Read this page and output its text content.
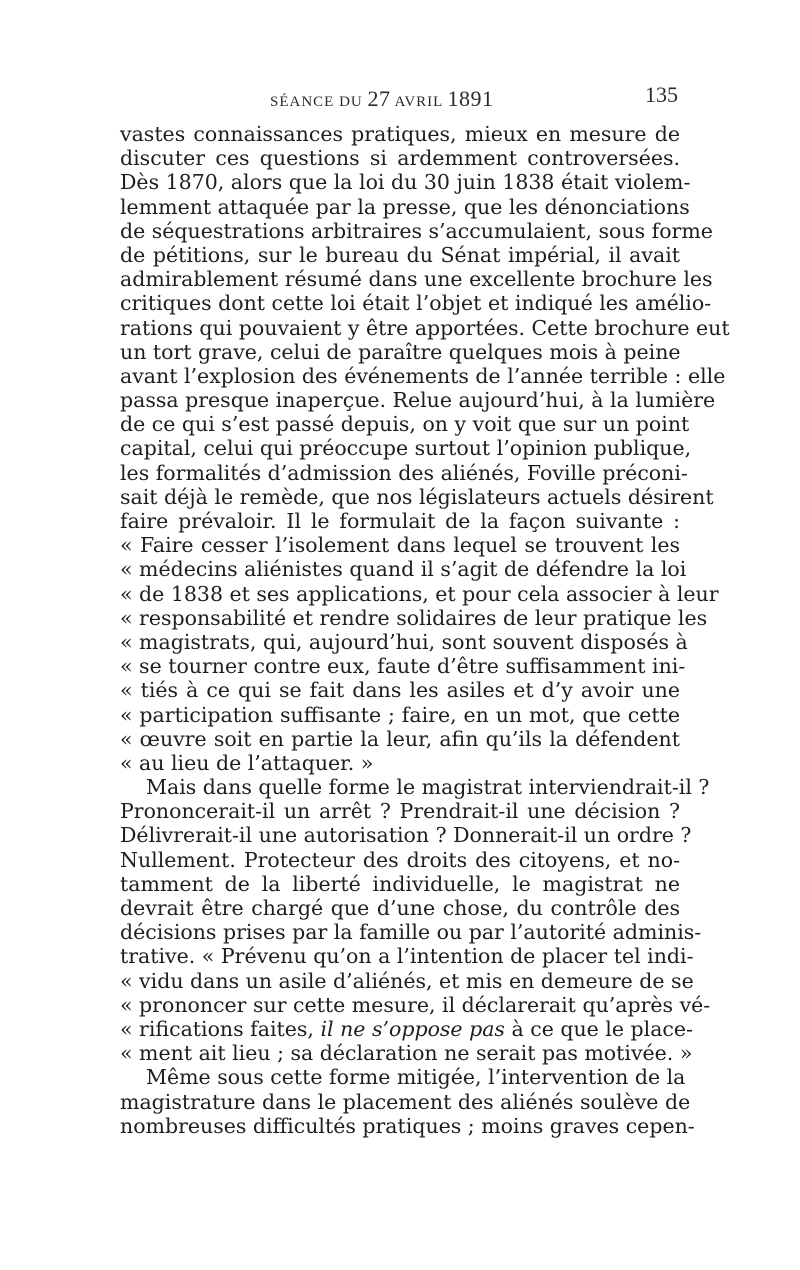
SÉANCE DU 27 AVRIL 1891	135
vastes connaissances pratiques, mieux en mesure de
discuter ces questions si ardemment controversées.
Dès 1870, alors que la loi du 30 juin 1838 était violem-
lemment attaquée par la presse, que les dénonciations
de séquestrations arbitraires s’accumulaient, sous forme
de pétitions, sur le bureau du Sénat impérial, il avait
admirablement résumé dans une excellente brochure les
critiques dont cette loi était l’objet et indiqué les amélio-
rations qui pouvaient y être apportées. Cette brochure eut
un tort grave, celui de paraître quelques mois à peine
avant l’explosion des événements de l’année terrible : elle
passa presque inaperçue. Relue aujourd’hui, à la lumière
de ce qui s’est passé depuis, on y voit que sur un point
capital, celui qui préoccupe surtout l’opinion publique,
les formalités d’admission des aliénés, Foville préconi-
sait déjà le remède, que nos législateurs actuels désirent
faire prévaloir. Il le formulait de la façon suivante :
« Faire cesser l’isolement dans lequel se trouvent les
« médecins aliénistes quand il s’agit de défendre la loi
« de 1838 et ses applications, et pour cela associer à leur
« responsabilité et rendre solidaires de leur pratique les
« magistrats, qui, aujourd’hui, sont souvent disposés à
« se tourner contre eux, faute d’être suffisamment ini-
« tiés à ce qui se fait dans les asiles et d’y avoir une
« participation suffisante ; faire, en un mot, que cette
« œuvre soit en partie la leur, afin qu’ils la défendent
« au lieu de l’attaquer. »
Mais dans quelle forme le magistrat interviendrait-il ?
Prononcerait-il un arrêt ? Prendrait-il une décision ?
Délivrerait-il une autorisation ? Donnerait-il un ordre ?
Nullement. Protecteur des droits des citoyens, et no-
tamment de la liberté individuelle, le magistrat ne
devrait être chargé que d’une chose, du contrôle des
décisions prises par la famille ou par l’autorité adminis-
trative. « Prévenu qu’on a l’intention de placer tel indi-
« vidu dans un asile d’aliénés, et mis en demeure de se
« prononcer sur cette mesure, il déclarerait qu’après vé-
« rifications faites, il ne s’oppose pas à ce que le place-
« ment ait lieu ; sa déclaration ne serait pas motivée. »
Même sous cette forme mitigée, l’intervention de la
magistrature dans le placement des aliénés soulève de
nombreuses difficultés pratiques ; moins graves cepen-
